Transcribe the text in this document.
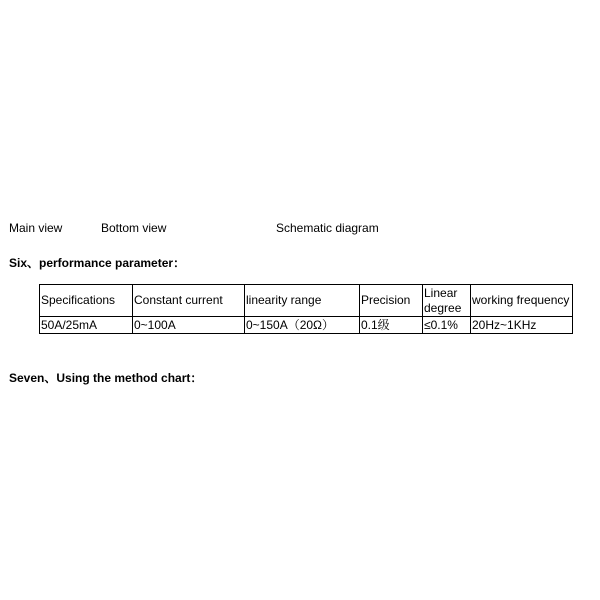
Main view	Bottom view	Schematic diagram
Six、performance parameter：
Specifications	Constant current	linearity range	Precision	Linear degree	working frequency
50A/25mA	0~100A	0~150A（20Ω）	0.1级	≤0.1%	20Hz~1KHz
Seven、Using the method chart：
